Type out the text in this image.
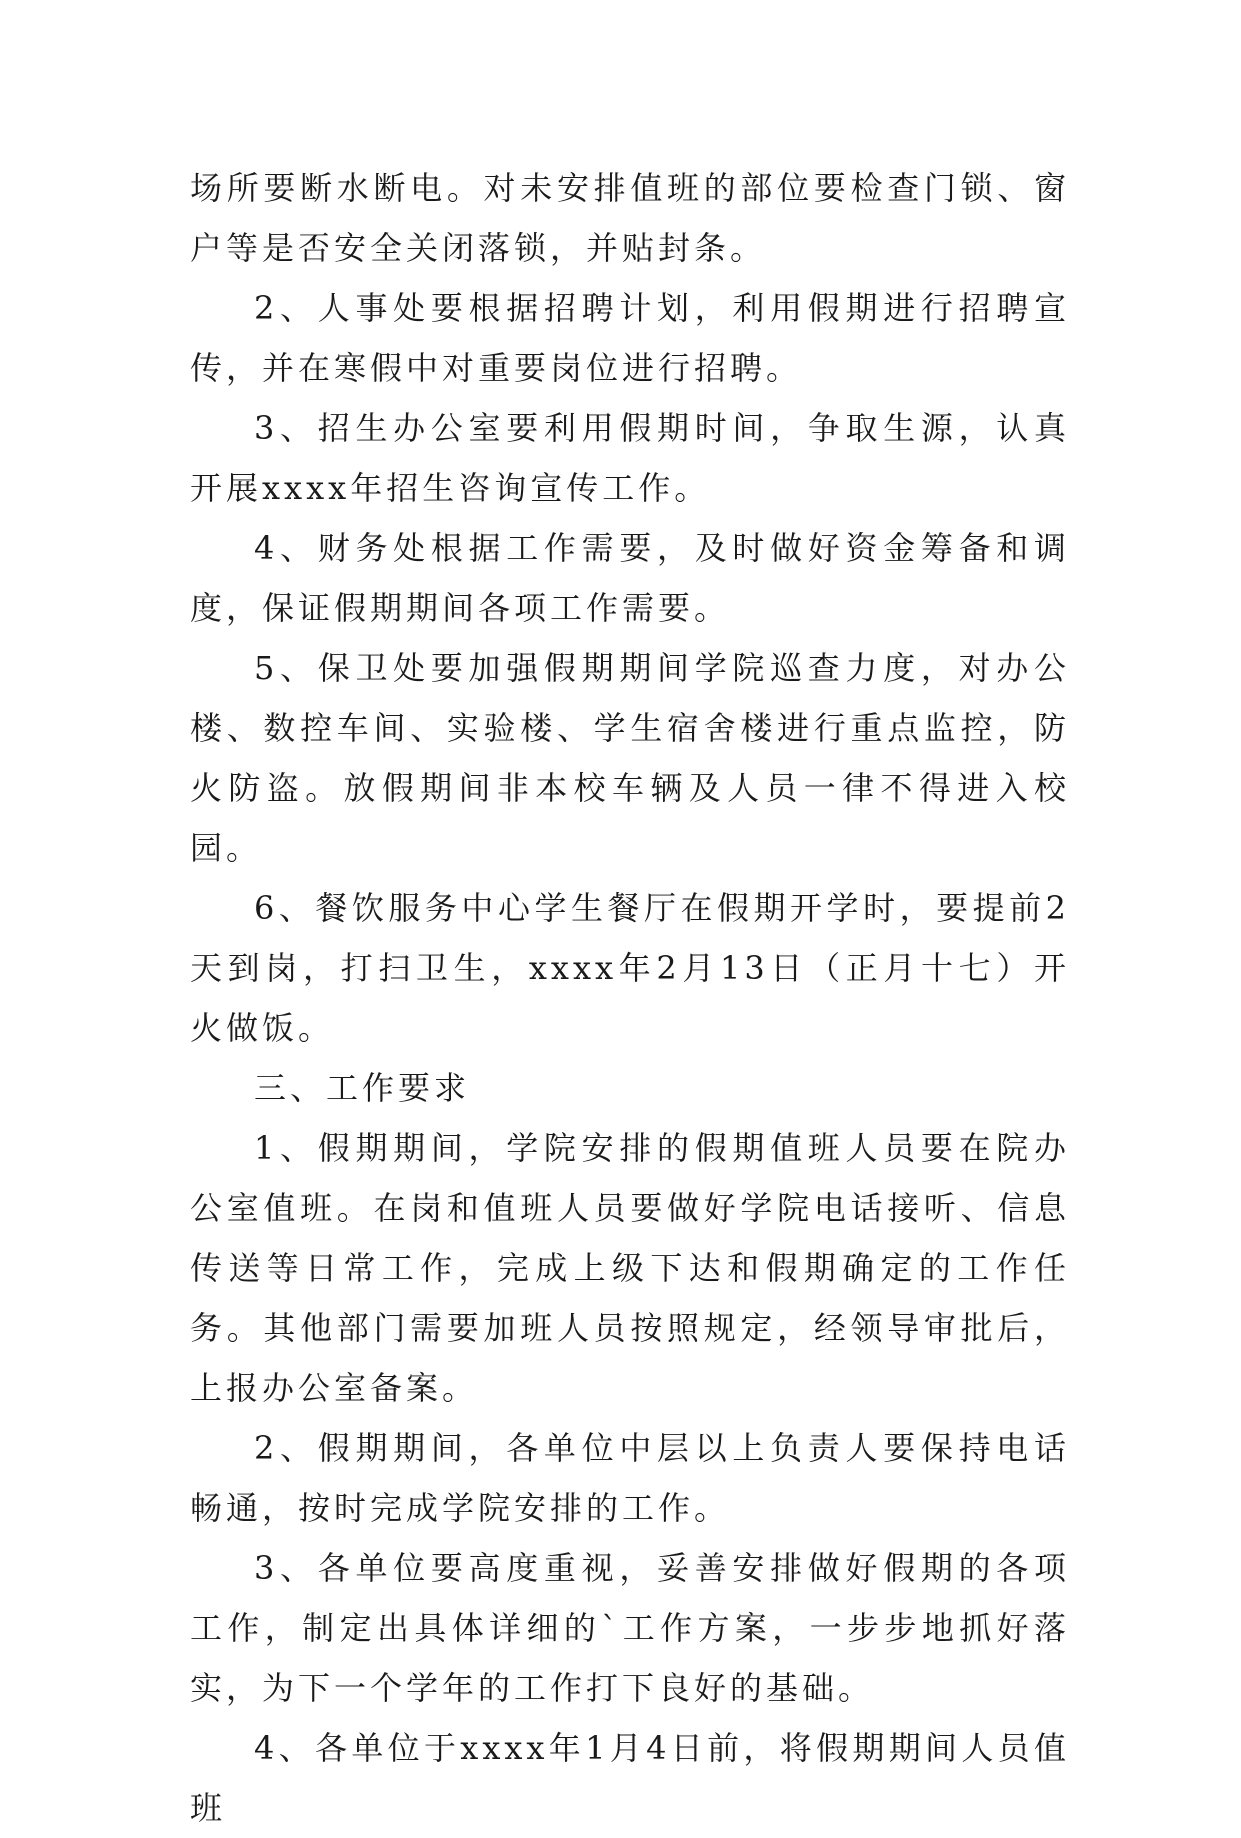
场所要断水断电。对未安排值班的部位要检查门锁、窗户等是否安全关闭落锁，并贴封条。

2、人事处要根据招聘计划，利用假期进行招聘宣传，并在寒假中对重要岗位进行招聘。

3、招生办公室要利用假期时间，争取生源，认真开展xxxx年招生咨询宣传工作。

4、财务处根据工作需要，及时做好资金筹备和调度，保证假期期间各项工作需要。

5、保卫处要加强假期期间学院巡查力度，对办公楼、数控车间、实验楼、学生宿舍楼进行重点监控，防火防盗。放假期间非本校车辆及人员一律不得进入校园。

6、餐饮服务中心学生餐厅在假期开学时，要提前2天到岗，打扫卫生，xxxx年2月13日（正月十七）开火做饭。

三、工作要求

1、假期期间，学院安排的假期值班人员要在院办公室值班。在岗和值班人员要做好学院电话接听、信息传送等日常工作，完成上级下达和假期确定的工作任务。其他部门需要加班人员按照规定，经领导审批后，上报办公室备案。

2、假期期间，各单位中层以上负责人要保持电话畅通，按时完成学院安排的工作。

3、各单位要高度重视，妥善安排做好假期的各项工作，制定出具体详细的`工作方案，一步步地抓好落实，为下一个学年的工作打下良好的基础。

4、各单位于xxxx年1月4日前，将假期期间人员值班
